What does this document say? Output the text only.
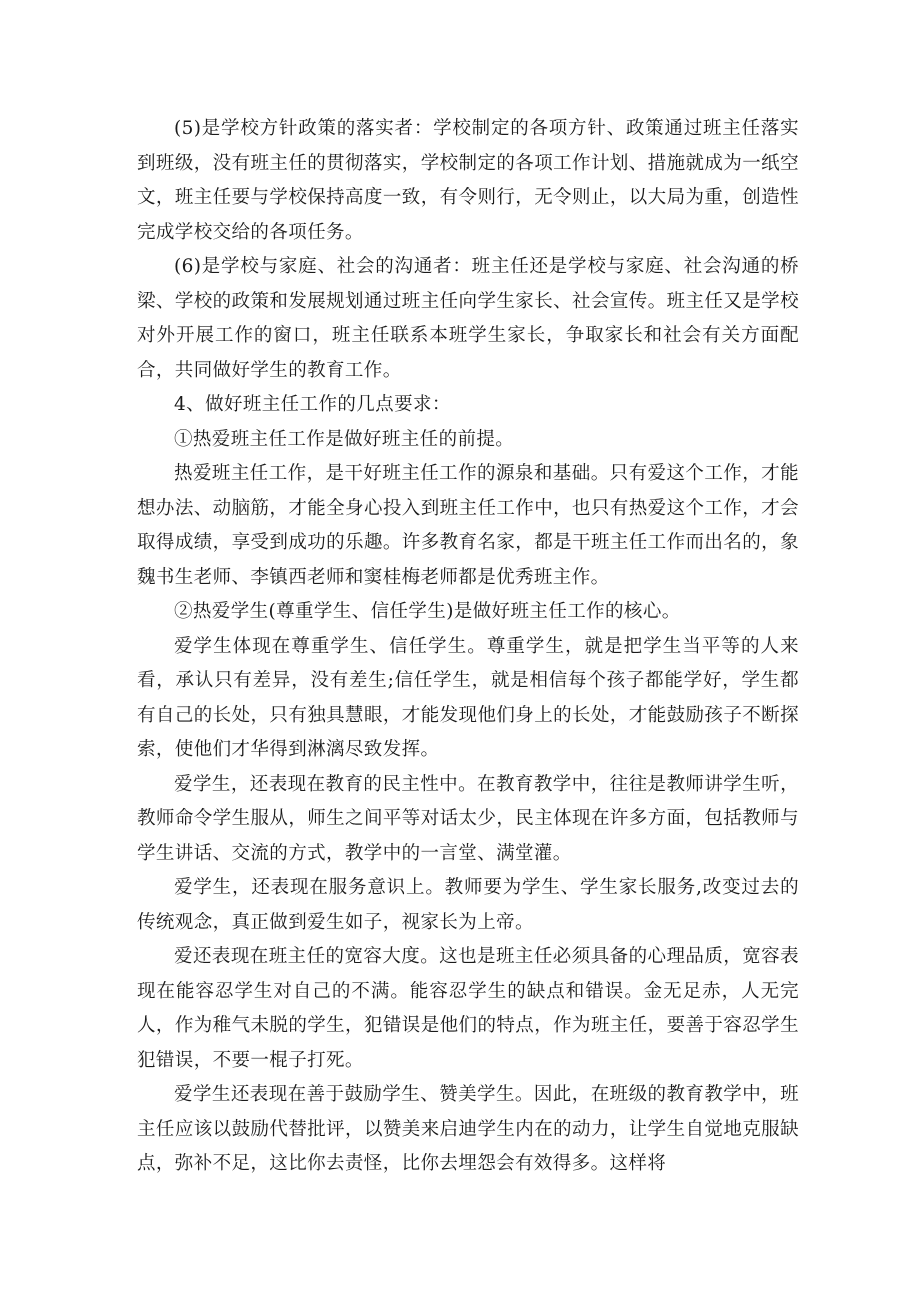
(5)是学校方针政策的落实者：学校制定的各项方针、政策通过班主任落实到班级，没有班主任的贯彻落实，学校制定的各项工作计划、措施就成为一纸空文，班主任要与学校保持高度一致，有令则行，无令则止，以大局为重，创造性完成学校交给的各项任务。

(6)是学校与家庭、社会的沟通者：班主任还是学校与家庭、社会沟通的桥梁、学校的政策和发展规划通过班主任向学生家长、社会宣传。班主任又是学校对外开展工作的窗口，班主任联系本班学生家长，争取家长和社会有关方面配合，共同做好学生的教育工作。

4、做好班主任工作的几点要求：

①热爱班主任工作是做好班主任的前提。

热爱班主任工作，是干好班主任工作的源泉和基础。只有爱这个工作，才能想办法、动脑筋，才能全身心投入到班主任工作中，也只有热爱这个工作，才会取得成绩，享受到成功的乐趣。许多教育名家，都是干班主任工作而出名的，象魏书生老师、李镇西老师和窦桂梅老师都是优秀班主作。

②热爱学生(尊重学生、信任学生)是做好班主任工作的核心。

爱学生体现在尊重学生、信任学生。尊重学生，就是把学生当平等的人来看，承认只有差异，没有差生;信任学生，就是相信每个孩子都能学好，学生都有自己的长处，只有独具慧眼，才能发现他们身上的长处，才能鼓励孩子不断探索，使他们才华得到淋漓尽致发挥。

爱学生，还表现在教育的民主性中。在教育教学中，往往是教师讲学生听，教师命令学生服从，师生之间平等对话太少，民主体现在许多方面，包括教师与学生讲话、交流的方式，教学中的一言堂、满堂灌。

爱学生，还表现在服务意识上。教师要为学生、学生家长服务,改变过去的传统观念，真正做到爱生如子，视家长为上帝。

爱还表现在班主任的宽容大度。这也是班主任必须具备的心理品质，宽容表现在能容忍学生对自己的不满。能容忍学生的缺点和错误。金无足赤，人无完人，作为稚气未脱的学生，犯错误是他们的特点，作为班主任，要善于容忍学生犯错误，不要一棍子打死。

爱学生还表现在善于鼓励学生、赞美学生。因此，在班级的教育教学中，班主任应该以鼓励代替批评，以赞美来启迪学生内在的动力，让学生自觉地克服缺点，弥补不足，这比你去责怪，比你去埋怨会有效得多。这样将
